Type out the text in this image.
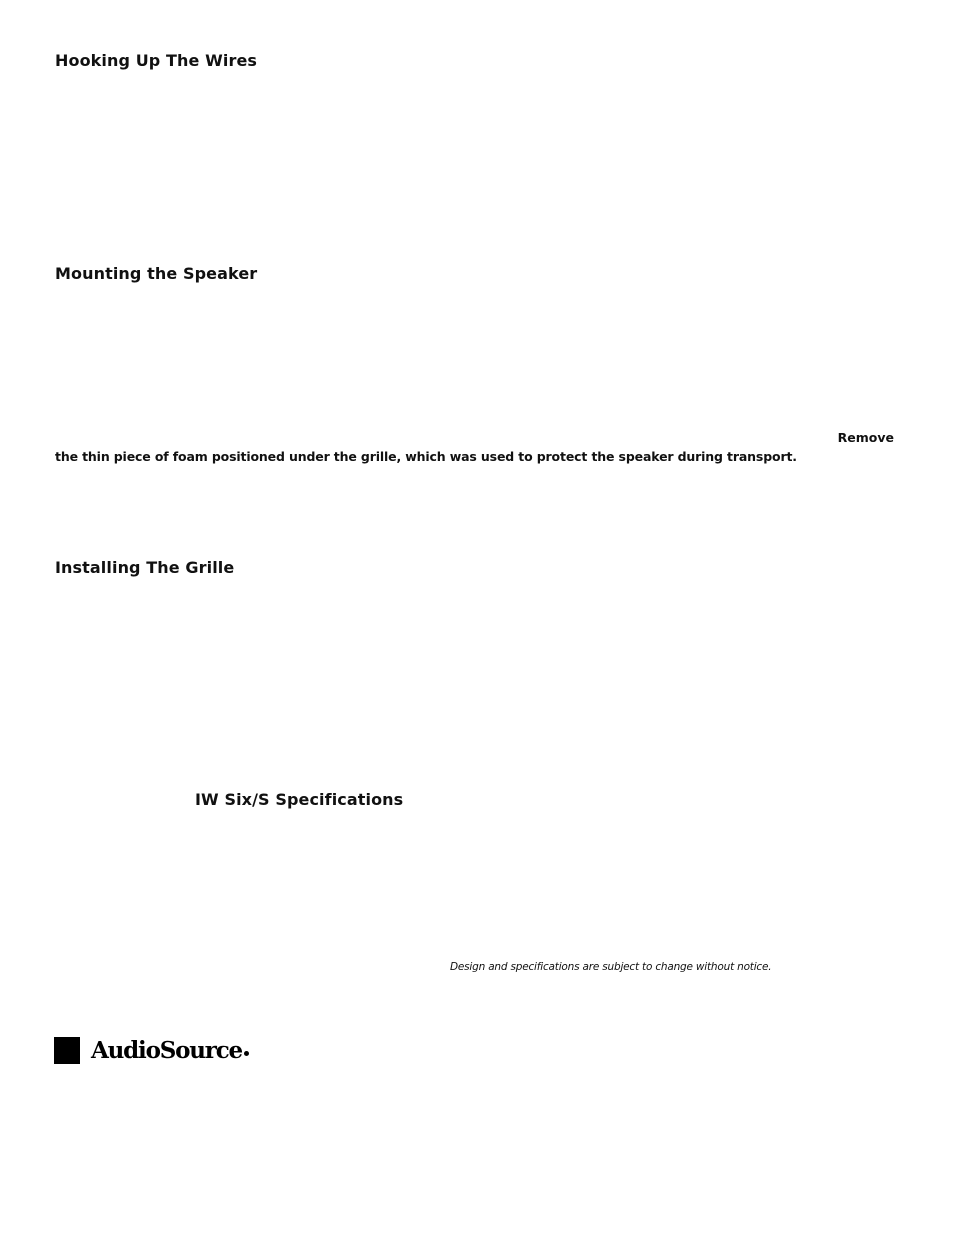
Hooking Up The Wires
Mounting the Speaker

Remove

the thin piece of foam positioned under the grille, which was used to protect the speaker during transport.

Installing The Grille
IW Six/S Specifications

Design and specifications are subject to change without notice.

AudioSource
